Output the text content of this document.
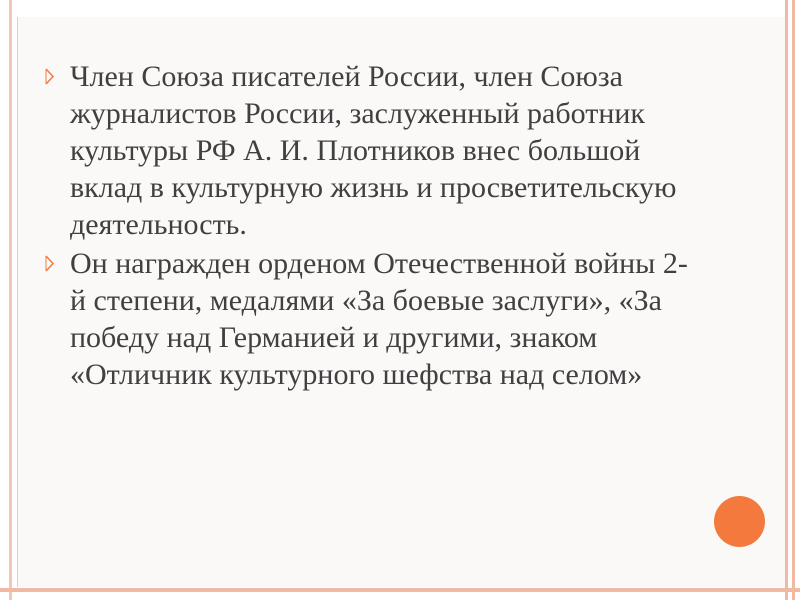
Член Союза писателей России, член Союза журналистов России, заслуженный работник культуры РФ А. И. Плотников внес большой вклад в культурную жизнь и просветительскую деятельность.
Он награжден орденом Отечественной войны 2-й степени, медалями «За боевые заслуги», «За победу над Германией и другими, знаком «Отличник культурного шефства над селом»
